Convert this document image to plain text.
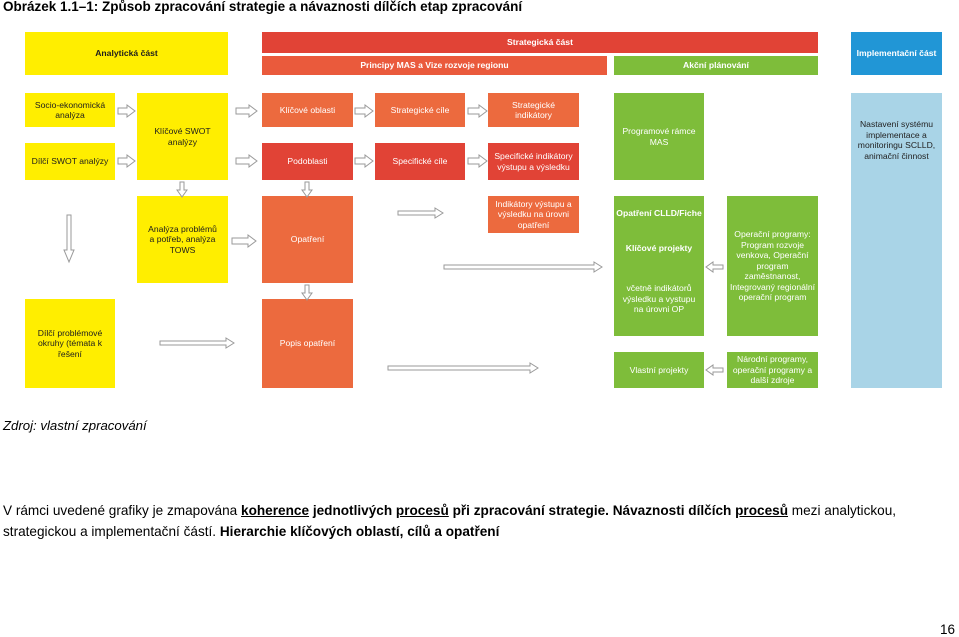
Obrázek 1.1–1: Způsob zpracování strategie a návaznosti dílčích etap zpracování
Analytická část
Strategická část
Principy MAS a Vize rozvoje regionu	Akční plánování
Implementační část
Socio-ekonomická analýza
Dílčí SWOT analýzy
Klíčové SWOT analýzy
Analýza problémů a potřeb, analýza TOWS
Dílčí problémové okruhy (témata k řešení
Klíčové oblasti	Strategické cíle
Strategické indikátory
Podoblasti	Specifické cíle
Specifické indikátory výstupu a výsledku
Opatření
Indikátory výstupu a výsledku na úrovni opatření
Popis opatření
Programové rámce MAS
Opatření CLLD/Fiche
Klíčové projekty
včetně indikátorů výsledku a vystupu na úrovni OP
Vlastní projekty
Operační programy: Program rozvoje venkova, Operační program zaměstnanost, Integrovaný regionální operační program
Národní programy, operační programy a další zdroje
Nastavení systému implementace a monitoringu SCLLD, animační činnost
Zdroj: vlastní zpracování
V rámci uvedené grafiky je zmapována koherence jednotlivých procesů při zpracování strategie. Návaznosti dílčích procesů mezi analytickou, strategickou a implementační částí. Hierarchie klíčových oblastí, cílů a opatření
16
